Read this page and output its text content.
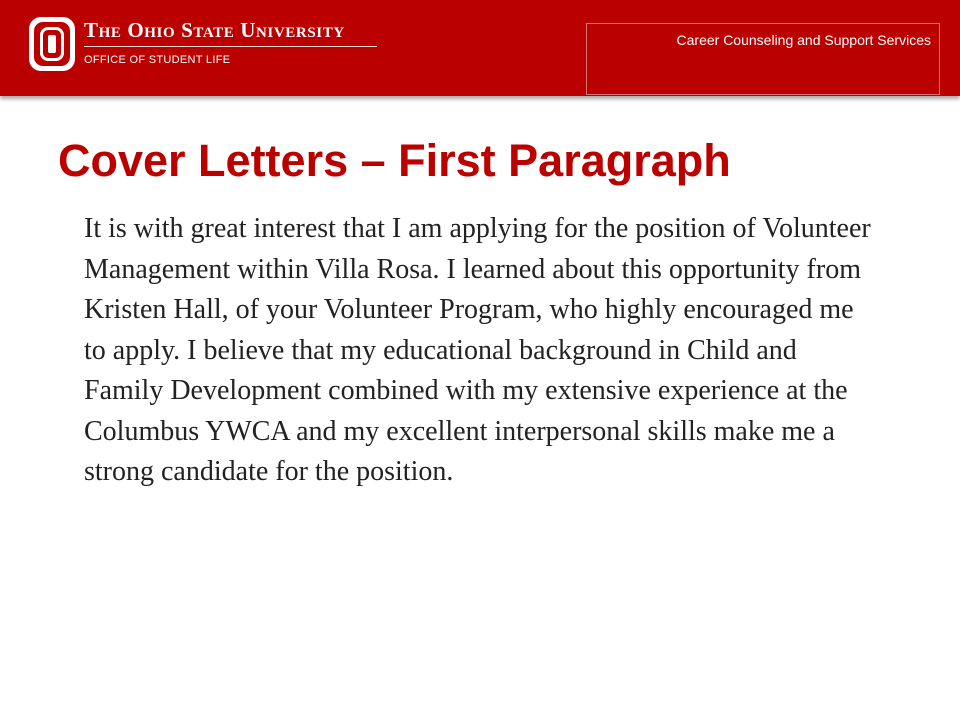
The Ohio State University
OFFICE OF STUDENT LIFE
Career Counseling and Support Services
Cover Letters – First Paragraph

It is with great interest that I am applying for the position of Volunteer Management within Villa Rosa. I learned about this opportunity from Kristen Hall, of your Volunteer Program, who highly encouraged me to apply. I believe that my educational background in Child and Family Development combined with my extensive experience at the Columbus YWCA and my excellent interpersonal skills make me a strong candidate for the position.
